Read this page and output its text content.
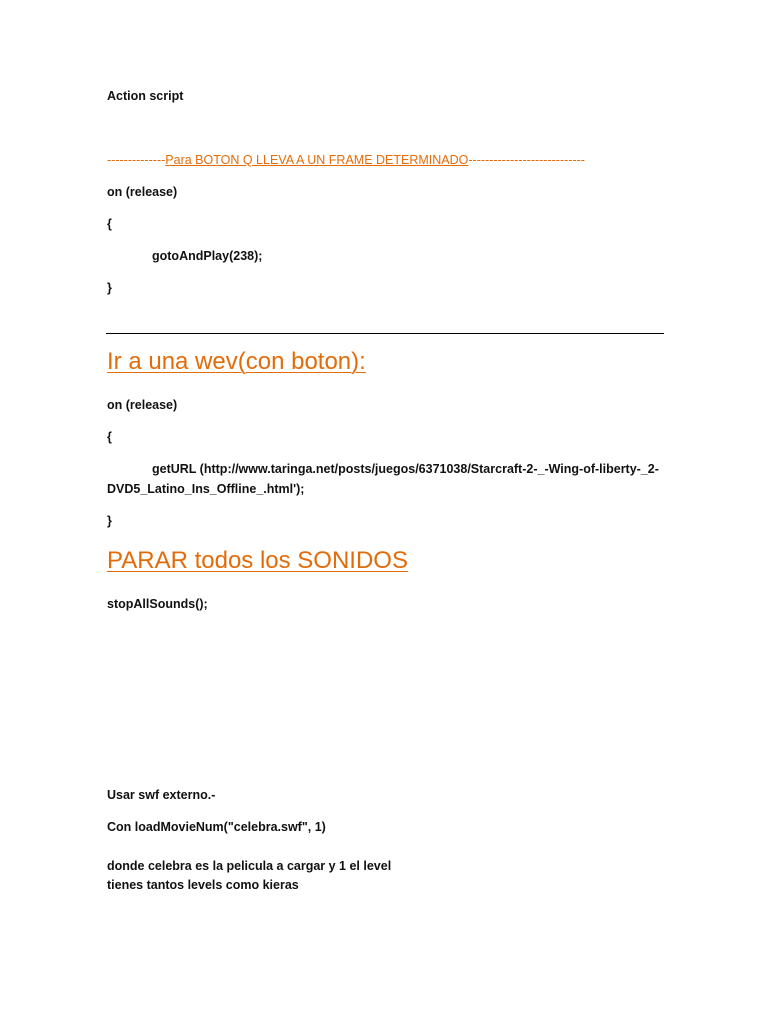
Action script
--------------Para BOTON Q LLEVA A UN FRAME DETERMINADO----------------------------
on (release)
{
gotoAndPlay(238);
}
Ir a una wev(con boton):
on (release)
{
getURL (http://www.taringa.net/posts/juegos/6371038/Starcraft-2-_-Wing-of-liberty-_2-
DVD5_Latino_Ins_Offline_.html');
}
PARAR todos los SONIDOS
stopAllSounds();
Usar swf externo.-
Con loadMovieNum("celebra.swf", 1)
donde celebra es la pelicula a cargar y 1 el level
tienes tantos levels como kieras
